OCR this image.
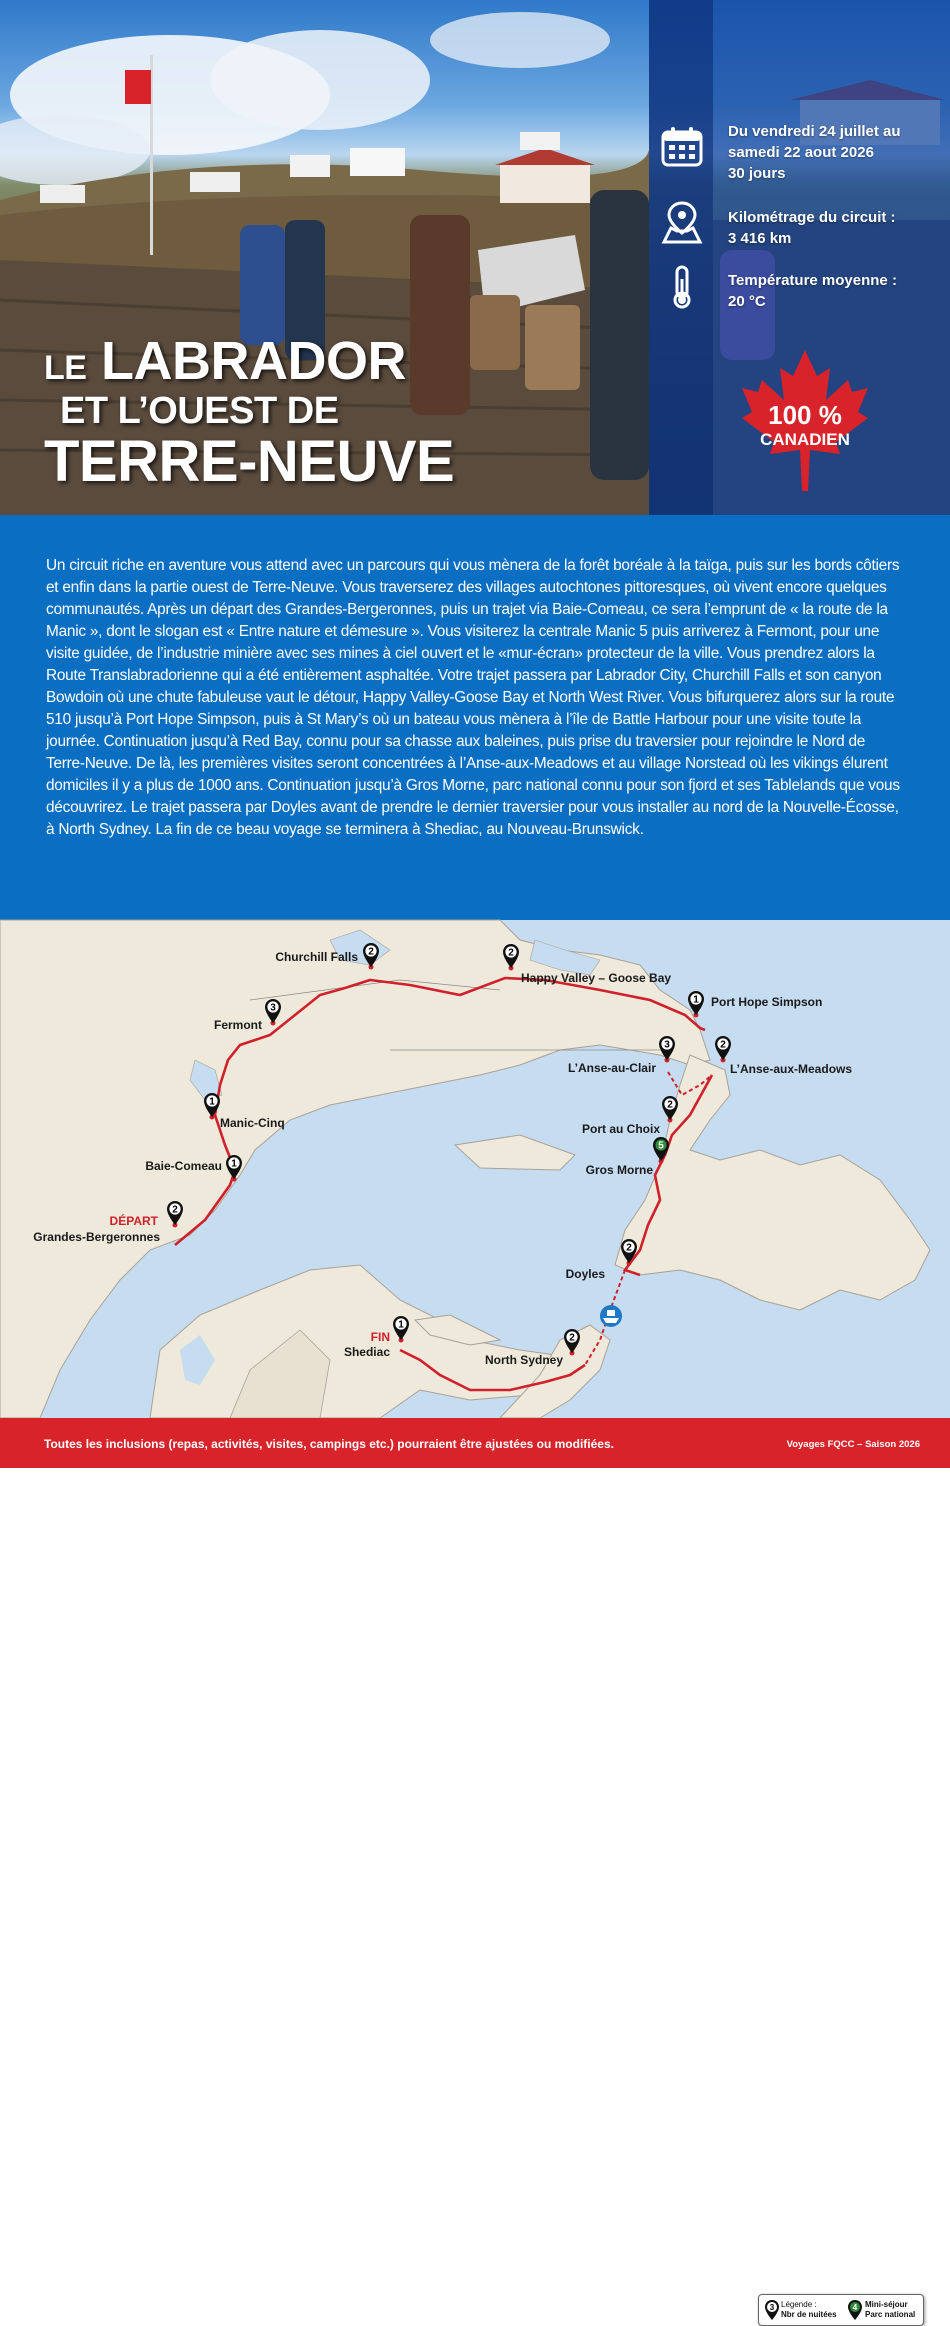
Du vendredi 24 juillet au
samedi 22 aout 2026
30 jours
Kilométrage du circuit :
3 416 km
Température moyenne :
20 °C
100 %
CANADIEN
LE LABRADOR
ET L’OUEST DE
TERRE-NEUVE

Un circuit riche en aventure vous attend avec un parcours qui vous mènera de la forêt boréale à la taïga, puis sur les bords côtiers et enfin dans la partie ouest de Terre-Neuve. Vous traverserez des villages autochtones pittoresques, où vivent encore quelques communautés. Après un départ des Grandes-Bergeronnes, puis un trajet via Baie-Comeau, ce sera l’emprunt de « la route de la Manic », dont le slogan est « Entre nature et démesure ». Vous visiterez la centrale Manic 5 puis arriverez à Fermont, pour une visite guidée, de l’industrie minière avec ses mines à ciel ouvert et le «mur-écran» protecteur de la ville. Vous prendrez alors la Route Translabradorienne qui a été entièrement asphaltée. Votre trajet passera par Labrador City, Churchill Falls et son canyon Bowdoin où une chute fabuleuse vaut le détour, Happy Valley-Goose Bay et North West River. Vous bifurquerez alors sur la route 510 jusqu’à Port Hope Simpson, puis à St Mary’s où un bateau vous mènera à l’île de Battle Harbour pour une visite toute la journée. Continuation jusqu’à Red Bay, connu pour sa chasse aux baleines, puis prise du traversier pour rejoindre le Nord de Terre-Neuve. De là, les premières visites seront concentrées à l’Anse-aux-Meadows et au village Norstead où les vikings élurent domiciles il y a plus de 1000 ans. Continuation jusqu’à Gros Morne, parc national connu pour son fjord et ses Tablelands que vous découvrirez. Le trajet passera par Doyles avant de prendre le dernier traversier pour vous installer au nord de la Nouvelle-Écosse, à North Sydney. La fin de ce beau voyage se terminera à Shediac, au Nouveau-Brunswick.

2
Grandes-Bergeronnes
DÉPART
1
Baie-Comeau
1
Manic-Cinq
3
Fermont
2
Churchill Falls	2
Happy Valley – Goose Bay
1 Port Hope Simpson
3
L’Anse-au-Clair
2
L’Anse-aux-Meadows
2
Port au Choix
5
Gros Morne
2
Doyles
2
North Sydney
1
Shediac
FIN
3 Légende :
Nbr de nuitées
4 Mini-séjour
Parc national
Toutes les inclusions (repas, activités, visites, campings etc.) pourraient être ajustées ou modifiées.	Voyages FQCC – Saison 2026
